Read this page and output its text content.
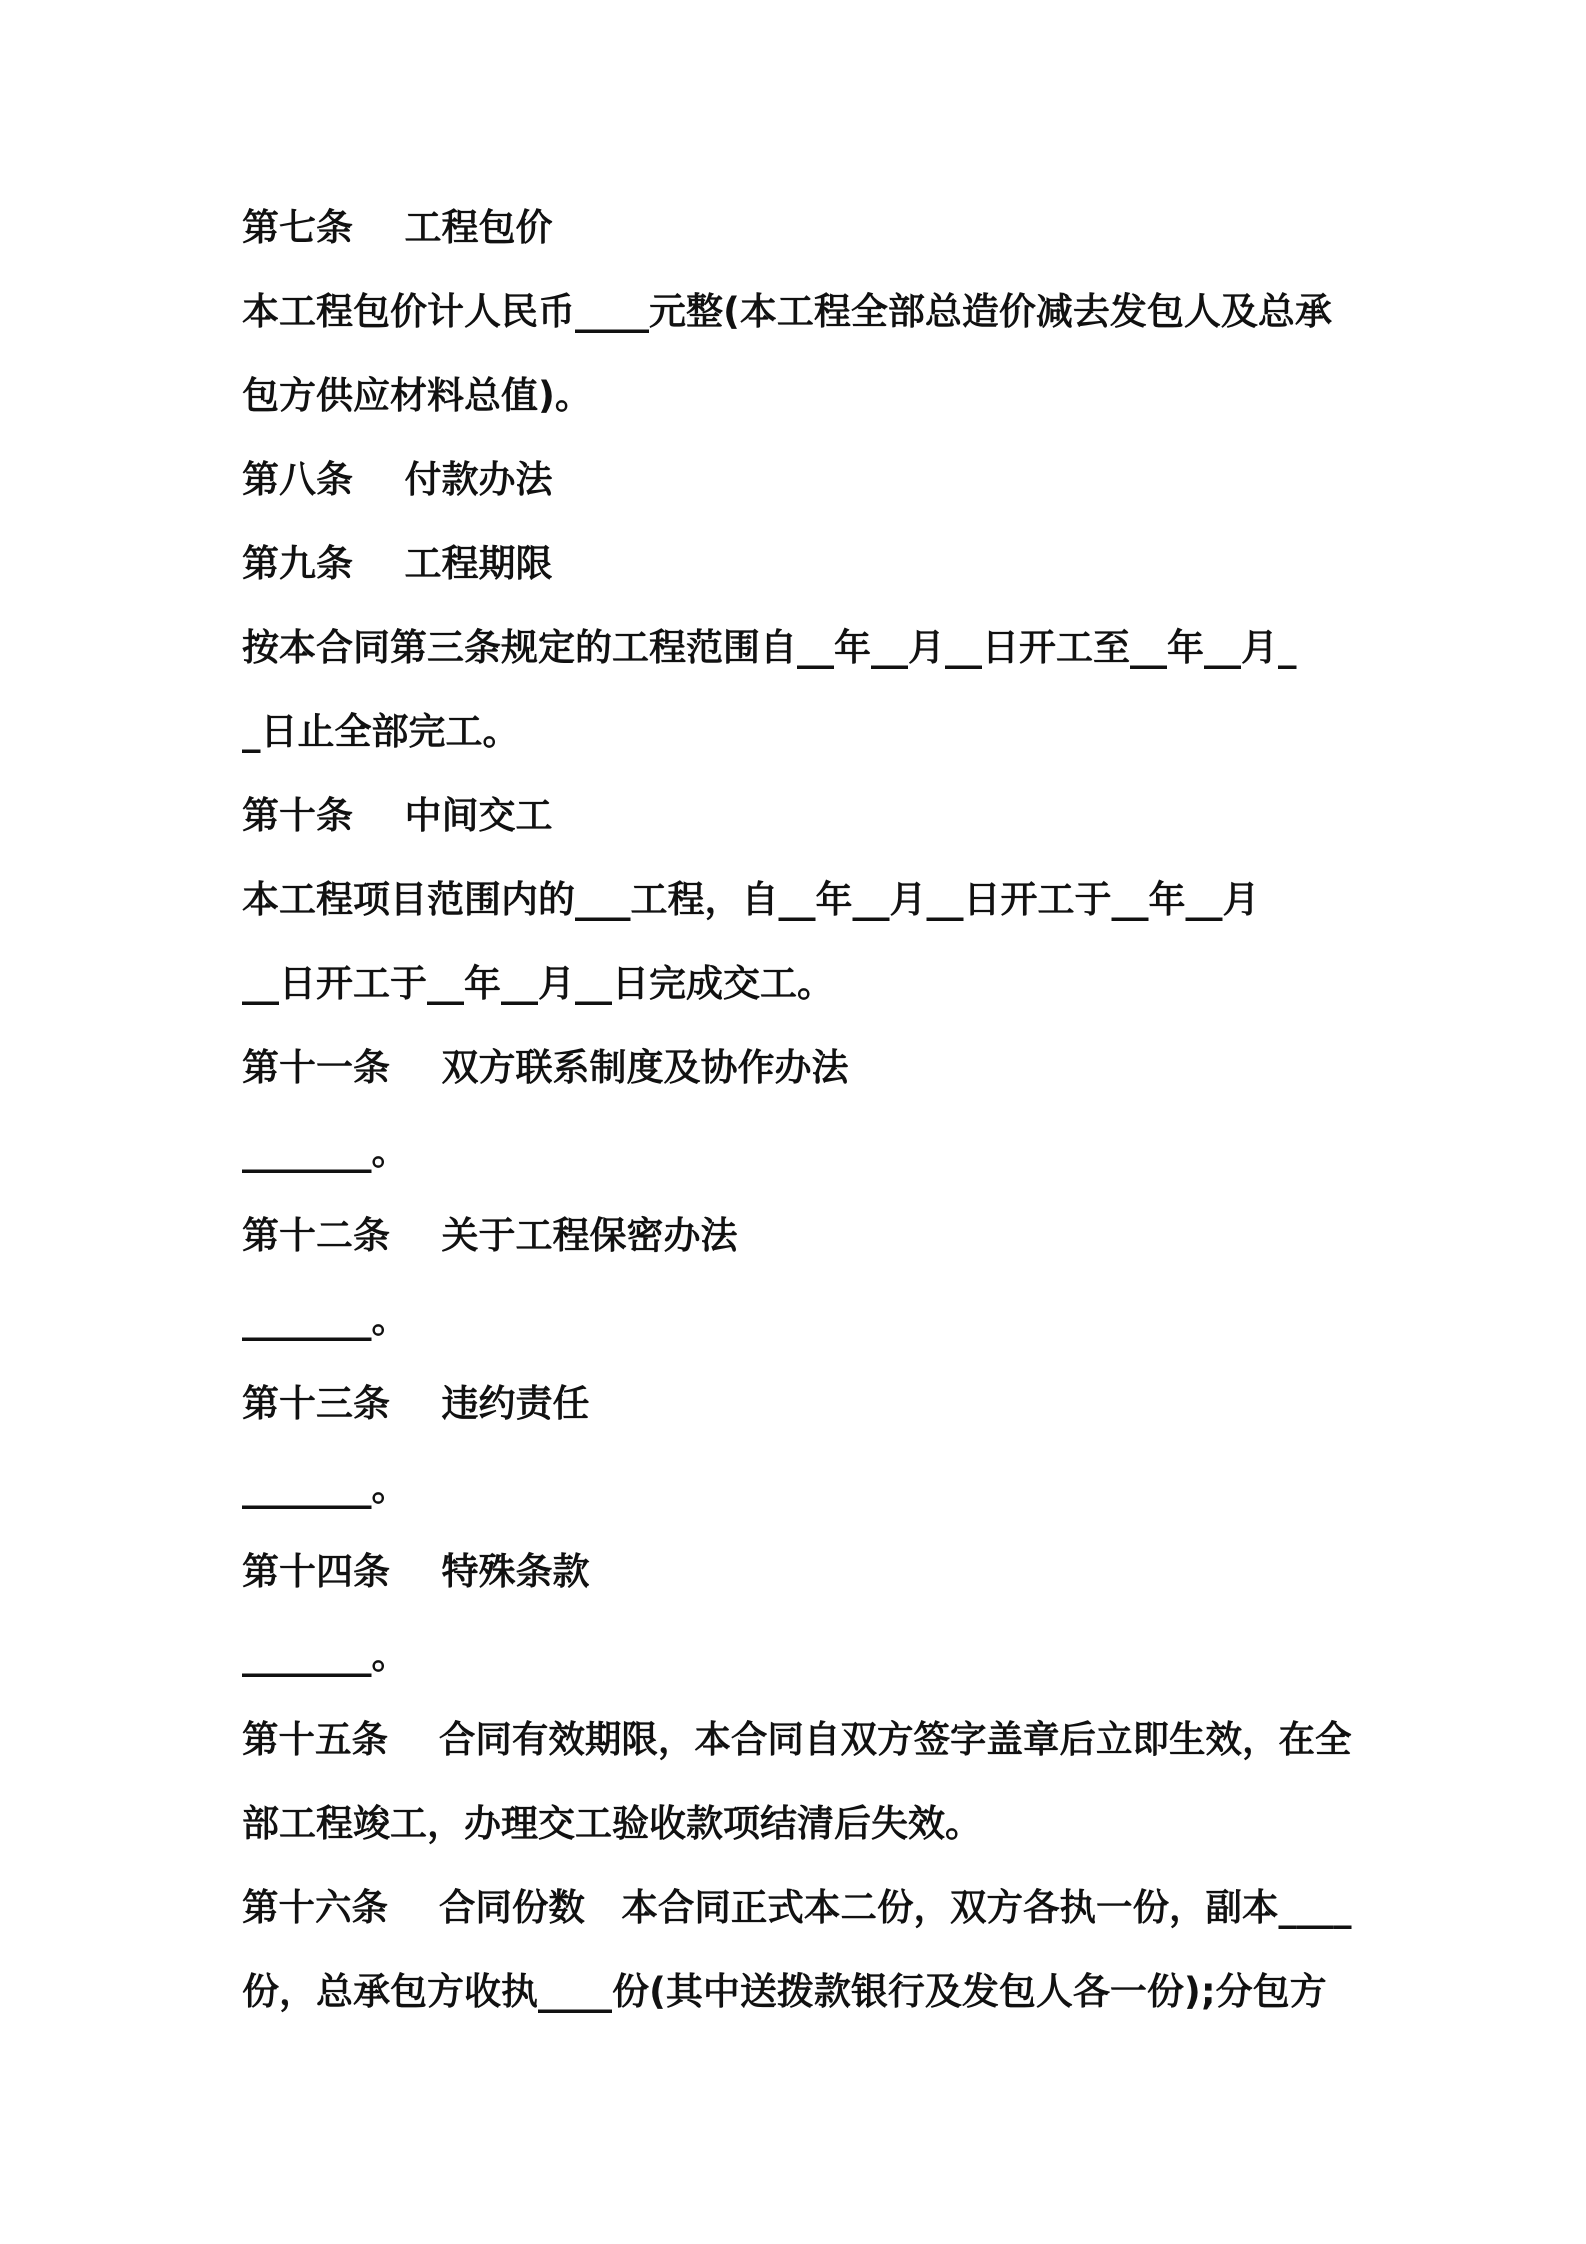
第七条 工程包价
本工程包价计人民币____元整(本工程全部总造价减去发包人及总承
包方供应材料总值)。
第八条 付款办法
第九条 工程期限
按本合同第三条规定的工程范围自__年__月__日开工至__年__月_
_日止全部完工。
第十条 中间交工
本工程项目范围内的___工程，自__年__月__日开工于__年__月
__日开工于__年__月__日完成交工。
第十一条 双方联系制度及协作办法
_______。
第十二条 关于工程保密办法
_______。
第十三条 违约责任
_______。
第十四条 特殊条款
_______。
第十五条 合同有效期限，本合同自双方签字盖章后立即生效，在全
部工程竣工，办理交工验收款项结清后失效。
第十六条 合同份数　本合同正式本二份，双方各执一份，副本____
份，总承包方收执____份(其中送拨款银行及发包人各一份);分包方
